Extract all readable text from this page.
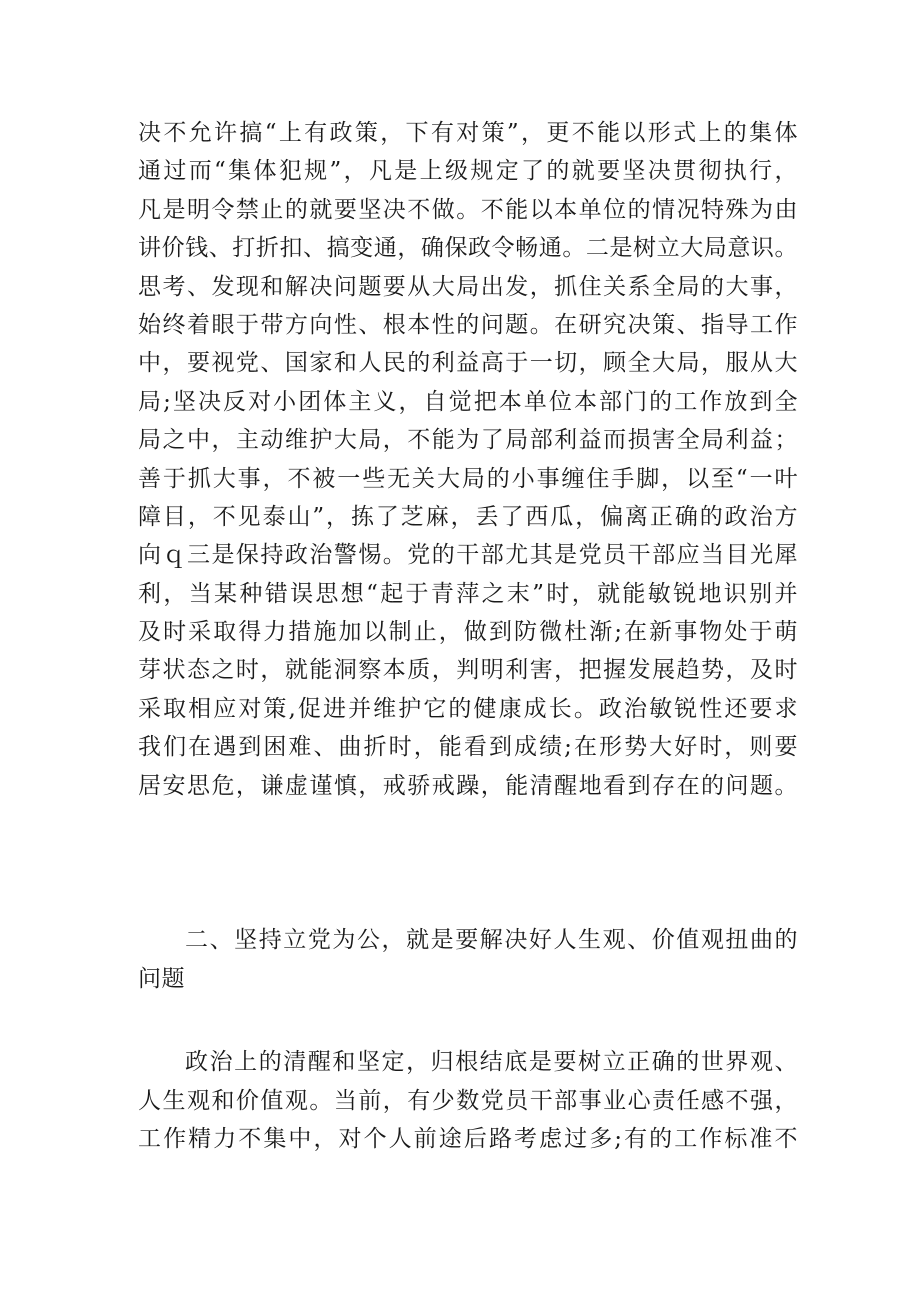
决不允许搞“上有政策，下有对策”，更不能以形式上的集体
通过而“集体犯规”，凡是上级规定了的就要坚决贯彻执行，
凡是明令禁止的就要坚决不做。不能以本单位的情况特殊为由
讲价钱、打折扣、搞变通，确保政令畅通。二是树立大局意识。
思考、发现和解决问题要从大局出发，抓住关系全局的大事，
始终着眼于带方向性、根本性的问题。在研究决策、指导工作
中，要视党、国家和人民的利益高于一切，顾全大局，服从大
局;坚决反对小团体主义，自觉把本单位本部门的工作放到全
局之中，主动维护大局，不能为了局部利益而损害全局利益；
善于抓大事，不被一些无关大局的小事缠住手脚，以至“一叶
障目，不见泰山”，拣了芝麻，丢了西瓜，偏离正确的政治方
向ｑ三是保持政治警惕。党的干部尤其是党员干部应当目光犀
利，当某种错误思想“起于青萍之末”时，就能敏锐地识别并
及时采取得力措施加以制止，做到防微杜渐;在新事物处于萌
芽状态之时，就能洞察本质，判明利害，把握发展趋势，及时
采取相应对策,促进并维护它的健康成长。政治敏锐性还要求
我们在遇到困难、曲折时，能看到成绩;在形势大好时，则要
居安思危，谦虚谨慎，戒骄戒躁，能清醒地看到存在的问题。
二、坚持立党为公，就是要解决好人生观、价值观扭曲的
问题
政治上的清醒和坚定，归根结底是要树立正确的世界观、
人生观和价值观。当前，有少数党员干部事业心责任感不强，
工作精力不集中，对个人前途后路考虑过多;有的工作标准不
